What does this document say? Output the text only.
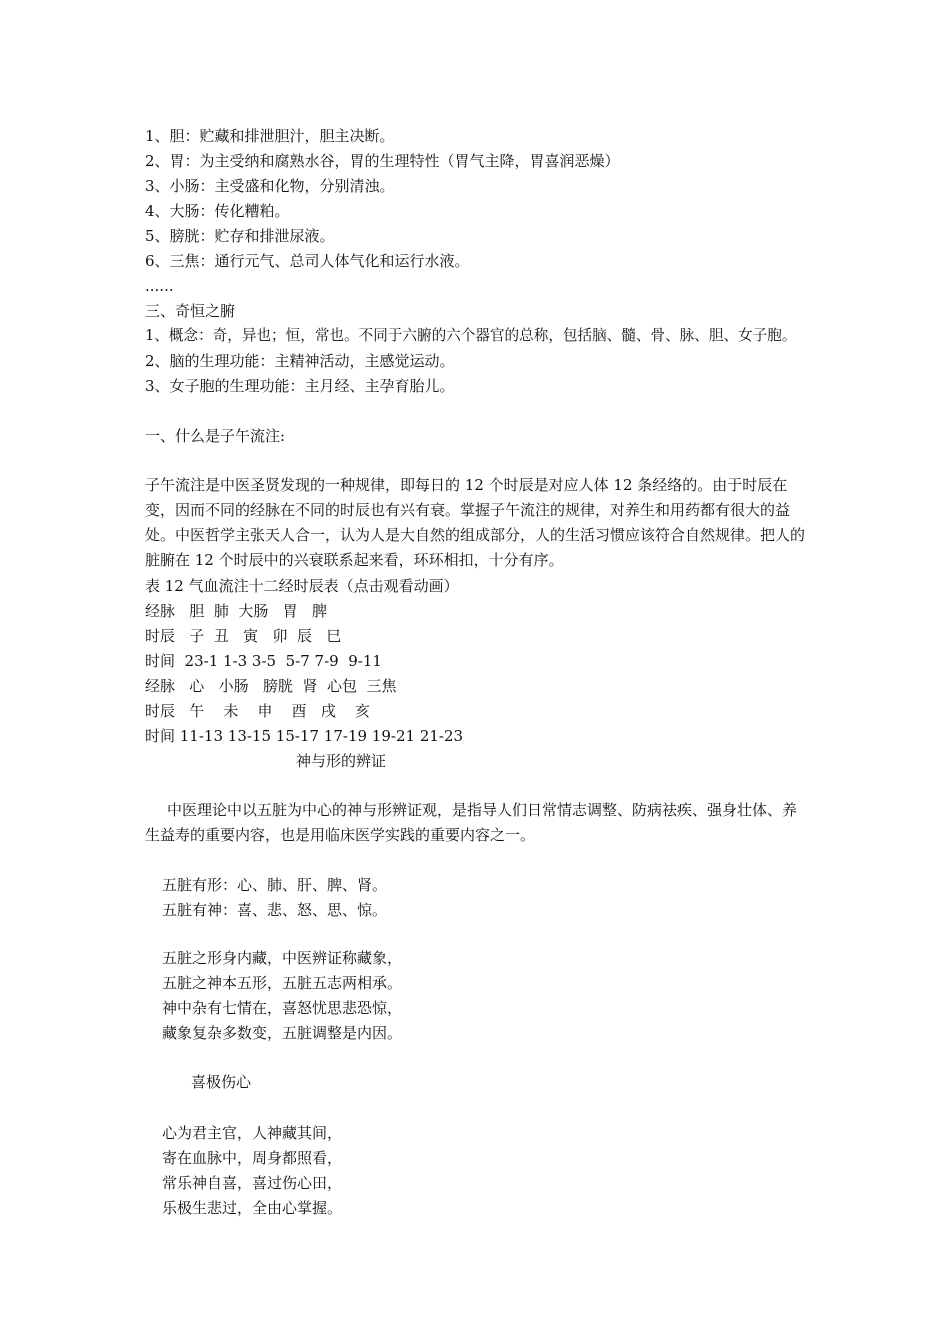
1、胆：贮藏和排泄胆汁，胆主决断。
2、胃：为主受纳和腐熟水谷，胃的生理特性（胃气主降，胃喜润恶燥）
3、小肠：主受盛和化物，分别清浊。
4、大肠：传化糟粕。
5、膀胱：贮存和排泄尿液。
6、三焦：通行元气、总司人体气化和运行水液。
......
三、奇恒之腑
1、概念：奇，异也；恒，常也。不同于六腑的六个器官的总称，包括脑、髓、骨、脉、胆、女子胞。
2、脑的生理功能：主精神活动，主感觉运动。
3、女子胞的生理功能：主月经、主孕育胎儿。
一、什么是子午流注:
子午流注是中医圣贤发现的一种规律，即每日的 12 个时辰是对应人体 12 条经络的。由于时辰在变，因而不同的经脉在不同的时辰也有兴有衰。掌握子午流注的规律，对养生和用药都有很大的益处。中医哲学主张天人合一，认为人是大自然的组成部分，人的生活习惯应该符合自然规律。把人的脏腑在 12 个时辰中的兴衰联系起来看，环环相扣，十分有序。
表 12 气血流注十二经时辰表（点击观看动画）
经脉   胆  肺  大肠   胃   脾
时辰   子  丑   寅   卯  辰   巳
时间  23-1 1-3 3-5  5-7 7-9  9-11
经脉   心   小肠   膀胱  肾  心包  三焦
时辰   午    未    申    酉   戌    亥
时间 11-13 13-15 15-17 17-19 19-21 21-23
神与形的辨证
中医理论中以五脏为中心的神与形辨证观，是指导人们日常情志调整、防病祛疾、强身壮体、养生益寿的重要内容，也是用临床医学实践的重要内容之一。
五脏有形：心、肺、肝、脾、肾。
五脏有神：喜、悲、怒、思、惊。
五脏之形身内藏，中医辨证称藏象，
五脏之神本五形，五脏五志两相承。
神中杂有七情在，喜怒忧思悲恐惊，
藏象复杂多数变，五脏调整是内因。
喜极伤心
心为君主官，人神藏其间，
寄在血脉中，周身都照看，
常乐神自喜，喜过伤心田，
乐极生悲过，全由心掌握。
